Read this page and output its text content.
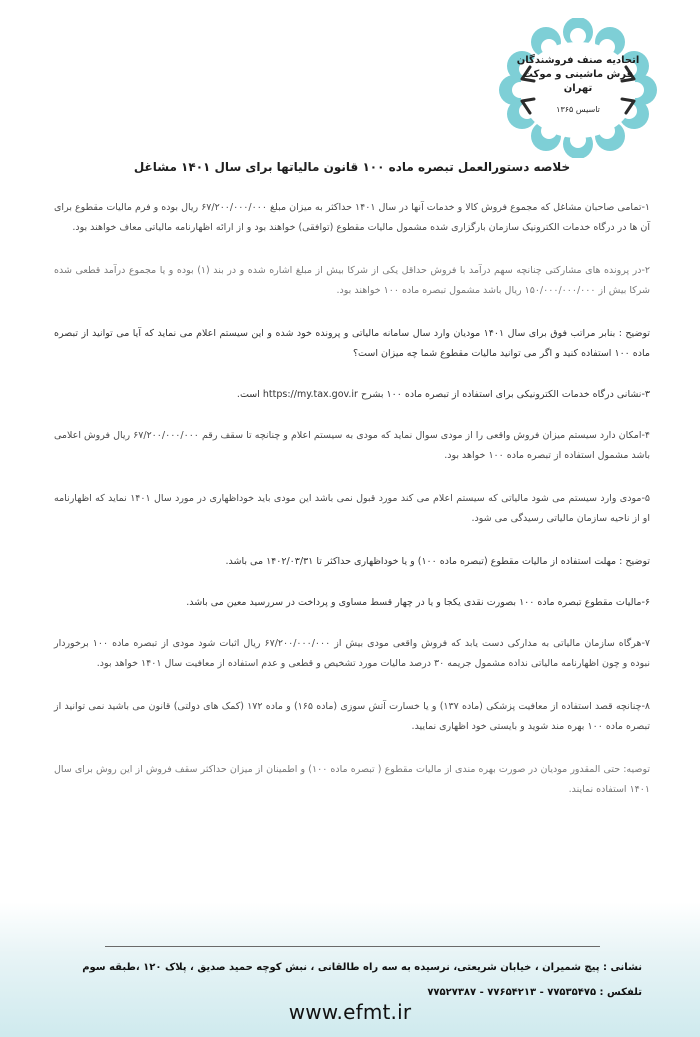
اتحادیه صنف فروشندگان
فرش ماشینی و موکت تهران
تاسیس ۱۳۶۵
خلاصه دستورالعمل تبصره ماده ۱۰۰ قانون مالیاتها برای سال ۱۴۰۱ مشاغل

۱-تمامی صاحبان مشاغل که مجموع فروش کالا و خدمات آنها در سال ۱۴۰۱ حداکثر به میزان مبلغ ۶۷/۲۰۰/۰۰۰/۰۰۰ ریال بوده و فرم مالیات مقطوع برای آن ها در درگاه خدمات الکترونیک سازمان بارگزاری شده مشمول مالیات مقطوع (توافقی) خواهند بود و از ارائه اظهارنامه مالیاتی معاف خواهند بود.

۲-در پرونده های مشارکتی چنانچه سهم درآمد با فروش حداقل یکی از شرکا بیش از مبلغ اشاره شده و در بند (۱) بوده و یا مجموع درآمد قطعی شده شرکا بیش از ۱۵۰/۰۰۰/۰۰۰/۰۰۰ ریال باشد مشمول تبصره ماده ۱۰۰ خواهند بود.

توضیح : بنابر مراتب فوق برای سال ۱۴۰۱ مودیان وارد سال سامانه مالیاتی و پرونده خود شده و این سیستم اعلام می نماید که آیا می توانید از تبصره ماده ۱۰۰ استفاده کنید و اگر می توانید مالیات مقطوع شما چه میزان است؟

۳-نشانی درگاه خدمات الکترونیکی برای استفاده از تبصره ماده ۱۰۰ بشرح https://my.tax.gov.ir است.

۴-امکان دارد سیستم میزان فروش واقعی را از مودی سوال نماید که مودی به سیستم اعلام و چنانچه تا سقف رقم ۶۷/۲۰۰/۰۰۰/۰۰۰ ریال فروش اعلامی باشد مشمول استفاده از تبصره ماده ۱۰۰ خواهد بود.

۵-مودی وارد سیستم می شود مالیاتی که سیستم اعلام می کند مورد قبول نمی باشد این مودی باید خوداظهاری در مورد سال ۱۴۰۱ نماید که اظهارنامه او از ناحیه سازمان مالیاتی رسیدگی می شود.

توضیح : مهلت استفاده از مالیات مقطوع (تبصره ماده ۱۰۰) و یا خوداظهاری حداکثر تا ۱۴۰۲/۰۳/۳۱ می باشد.

۶-مالیات مقطوع تبصره ماده ۱۰۰ بصورت نقدی یکجا و یا در چهار قسط مساوی و پرداخت در سررسید معین می باشد.

۷-هرگاه سازمان مالیاتی به مدارکی دست یابد که فروش واقعی مودی بیش از ۶۷/۲۰۰/۰۰۰/۰۰۰ ریال اثبات شود مودی از تبصره ماده ۱۰۰ برخوردار نبوده و چون اظهارنامه مالیاتی نداده مشمول جریمه ۳۰ درصد مالیات مورد تشخیص و قطعی و عدم استفاده از معافیت سال ۱۴۰۱ خواهد بود.

۸-چنانچه قصد استفاده از معافیت پزشکی (ماده ۱۳۷) و یا خسارت آتش سوزی (ماده ۱۶۵) و ماده ۱۷۲ (کمک های دولتی) قانون می باشید نمی توانید از تبصره ماده ۱۰۰ بهره مند شوید و بایستی خود اظهاری نمایید.

توصیه: حتی المقدور مودیان در صورت بهره مندی از مالیات مقطوع ( تبصره ماده ۱۰۰) و اطمینان از میزان حداکثر سقف فروش از این روش برای سال ۱۴۰۱ استفاده نمایند.

نشانی : پیچ شمیران ، خیابان شریعتی، نرسیده به سه راه طالقانی ، نبش کوچه حمید صدیق ، پلاک ۱۲۰ ،طبقه سوم
تلفکس : ۷۷۵۳۵۴۷۵ - ۷۷۶۵۴۲۱۳ - ۷۷۵۲۷۳۸۷
www.efmt.ir
